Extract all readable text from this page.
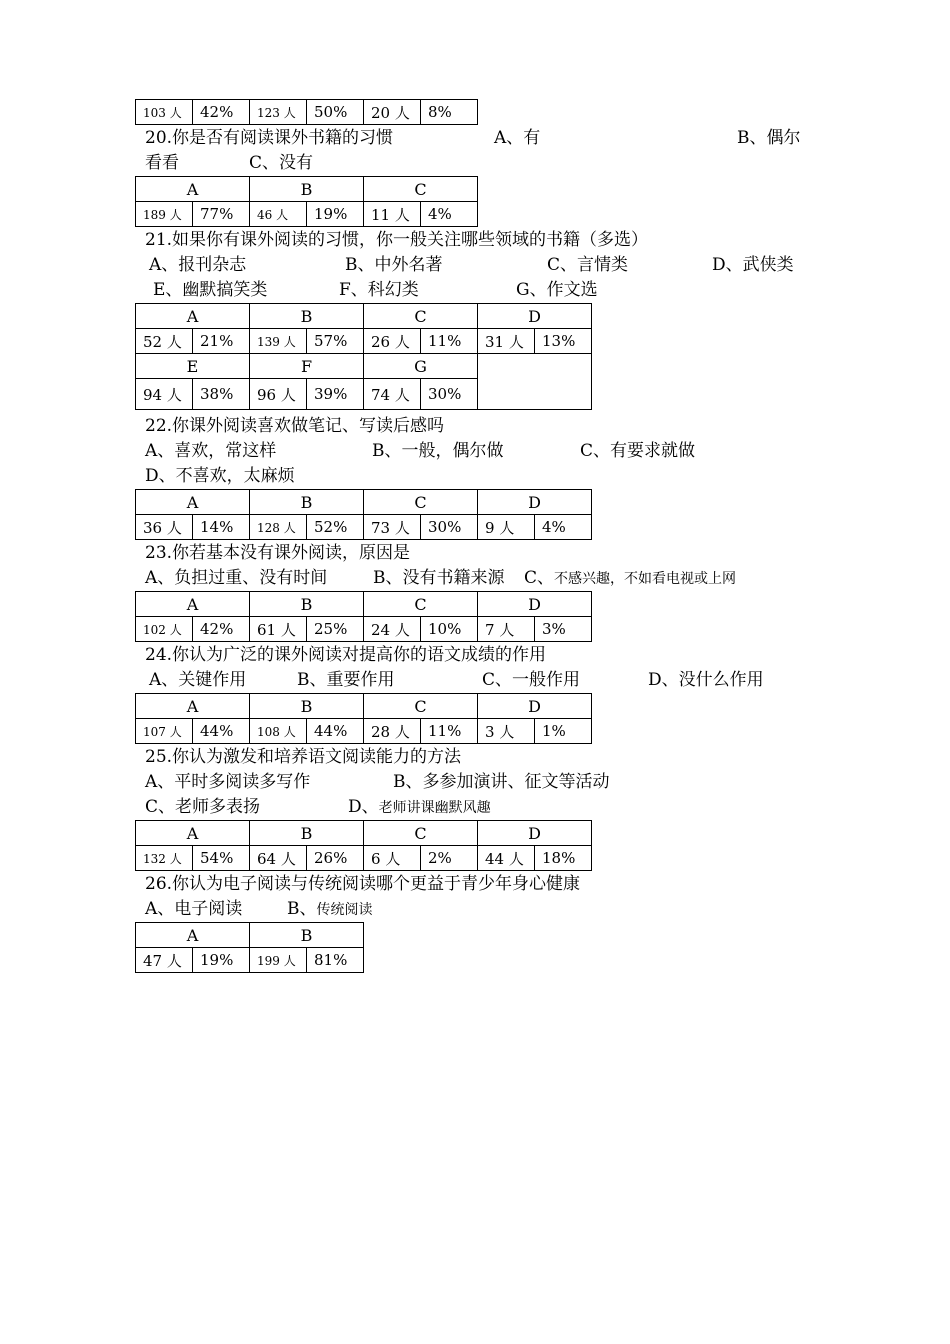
103 人	42%	123 人	50%	20 人	8%
20.你是否有阅读课外书籍的习惯	A、有	B、偶尔
看看	C、没有
A		B		C	
189 人	77%	46 人	19%	11 人	4%
21.如果你有课外阅读的习惯，你一般关注哪些领域的书籍（多选）
A、报刊杂志	B、中外名著	C、言情类	D、武侠类
E、幽默搞笑类	F、科幻类	G、作文选
A		B		C		D	
52 人	21%	139 人	57%	26 人	11%	31 人	13%
E		F		G			
94 人	38%	96 人	39%	74 人	30%		
22.你课外阅读喜欢做笔记、写读后感吗
A、喜欢，常这样	B、一般，偶尔做	C、有要求就做
D、不喜欢，太麻烦
A		B		C		D	
36 人	14%	128 人	52%	73 人	30%	9 人	4%
23.你若基本没有课外阅读，原因是
A、负担过重、没有时间	B、没有书籍来源 C、不感兴趣，不如看电视或上网
A		B		C		D	
102 人	42%	61 人	25%	24 人	10%	7 人	3%
24.你认为广泛的课外阅读对提高你的语文成绩的作用
A、关键作用	B、重要作用	C、一般作用	D、没什么作用
A		B		C		D	
107 人	44%	108 人	44%	28 人	11%	3 人	1%
25.你认为激发和培养语文阅读能力的方法
A、平时多阅读多写作	B、多参加演讲、征文等活动
C、老师多表扬	D、老师讲课幽默风趣
A		B		C		D	
132 人	54%	64 人	26%	6 人	2%	44 人	18%
26.你认为电子阅读与传统阅读哪个更益于青少年身心健康
A、电子阅读	B、传统阅读
A		B	
47 人	19%	199 人	81%
